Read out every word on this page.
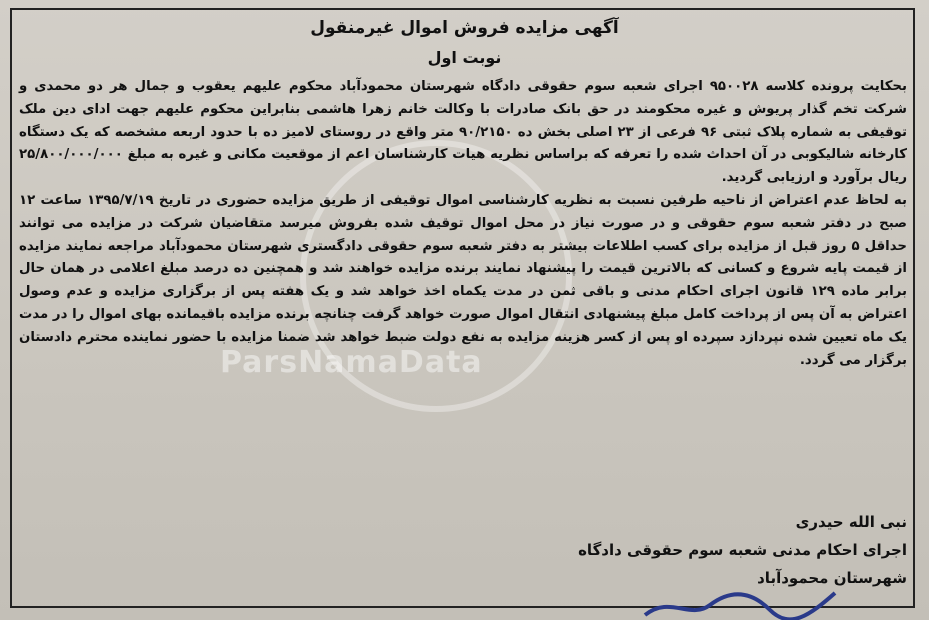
ParsNamaData
آگهی مزایده فروش اموال غیرمنقول
نوبت اول

بحکایت پرونده کلاسه ۹۵۰۰۲۸ اجرای شعبه سوم حقوقی دادگاه شهرستان محمودآباد محکوم علیهم یعقوب و جمال هر دو محمدی و شرکت تخم گذار پریوش و غیره محکومند در حق بانک صادرات با وکالت خانم زهرا هاشمی بنابراین محکوم علیهم جهت ادای دین ملک توقیفی به شماره پلاک ثبتی ۹۶ فرعی از ۲۳ اصلی بخش ده ۹۰/۲۱۵۰ متر واقع در روستای لامیز ده با حدود اربعه مشخصه که یک دستگاه کارخانه شالیکوبی در آن احداث شده را تعرفه که براساس نظریه هیات کارشناسان اعم از موقعیت مکانی و غیره به مبلغ ۲۵/۸۰۰/۰۰۰/۰۰۰ ریال برآورد و ارزیابی گردید.

به لحاظ عدم اعتراض از ناحیه طرفین نسبت به نظریه کارشناسی اموال توقیفی از طریق مزایده حضوری در تاریخ ۱۳۹۵/۷/۱۹ ساعت ۱۲ صبح در دفتر شعبه سوم حقوقی و در صورت نیاز در محل اموال توقیف شده بفروش میرسد متقاضیان شرکت در مزایده می توانند حداقل ۵ روز قبل از مزایده برای کسب اطلاعات بیشتر به دفتر شعبه سوم حقوقی دادگستری شهرستان محمودآباد مراجعه نمایند مزایده از قیمت پایه شروع و کسانی که بالاترین قیمت را پیشنهاد نمایند برنده مزایده خواهند شد و همچنین ده درصد مبلغ اعلامی در همان حال برابر ماده ۱۲۹ قانون اجرای احکام مدنی و باقی ثمن در مدت یکماه اخذ خواهد شد و یک هفته پس از برگزاری مزایده و عدم وصول اعتراض به آن پس از پرداخت کامل مبلغ پیشنهادی انتقال اموال صورت خواهد گرفت چنانچه برنده مزایده باقیمانده بهای اموال را در مدت یک ماه تعیین شده نپردازد سپرده او پس از کسر هزینه مزایده به نفع دولت ضبط خواهد شد ضمنا مزایده با حضور نماینده محترم دادستان برگزار می گردد.

نبی الله حیدری
اجرای احکام مدنی شعبه سوم حقوقی دادگاه
شهرستان محمودآباد
